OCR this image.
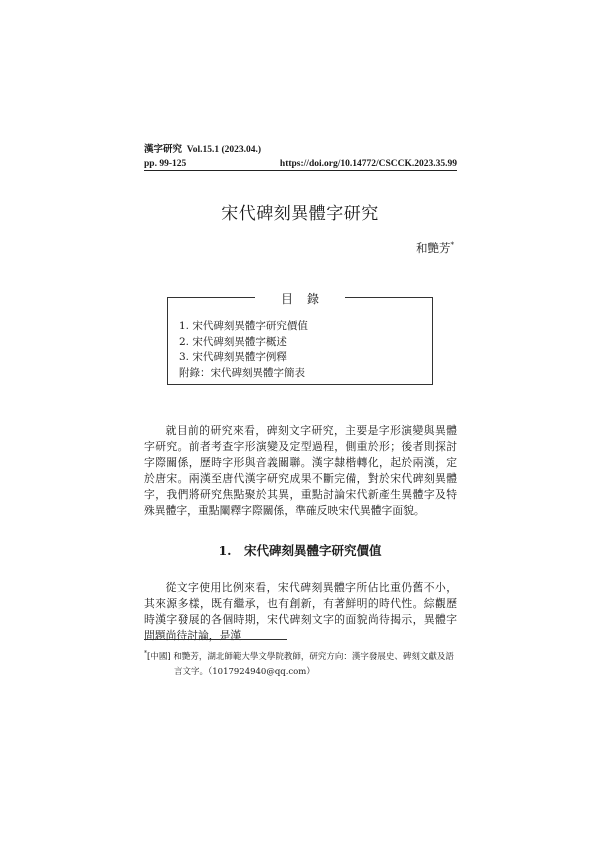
漢字研究 Vol.15.1 (2023.04.)
pp. 99-125	https://doi.org/10.14772/CSCCK.2023.35.99
宋代碑刻異體字研究
和艷芳*
目錄
1. 宋代碑刻異體字研究價值
2. 宋代碑刻異體字概述
3. 宋代碑刻異體字例釋
附錄：宋代碑刻異體字簡表

就目前的研究來看，碑刻文字研究，主要是字形演變與異體字研究。前者考查字形演變及定型過程，側重於形；後者則探討字際關係，歷時字形與音義關聯。漢字隸楷轉化，起於兩漢，定於唐宋。兩漢至唐代漢字研究成果不斷完備，對於宋代碑刻異體字，我們將研究焦點聚於其異，重點討論宋代新產生異體字及特殊異體字，重點闡釋字際關係，準確反映宋代異體字面貌。

1.　宋代碑刻異體字研究價值

從文字使用比例來看，宋代碑刻異體字所佔比重仍舊不小，其來源多樣，既有繼承，也有創新，有著鮮明的時代性。綜觀歷時漢字發展的各個時期，宋代碑刻文字的面貌尚待揭示，異體字問題尚待討論，是漢

*[中國] 和艷芳，湖北師範大學文學院教師，研究方向：漢字發展史、碑刻文獻及語
言文字。（1017924940@qq.com）
